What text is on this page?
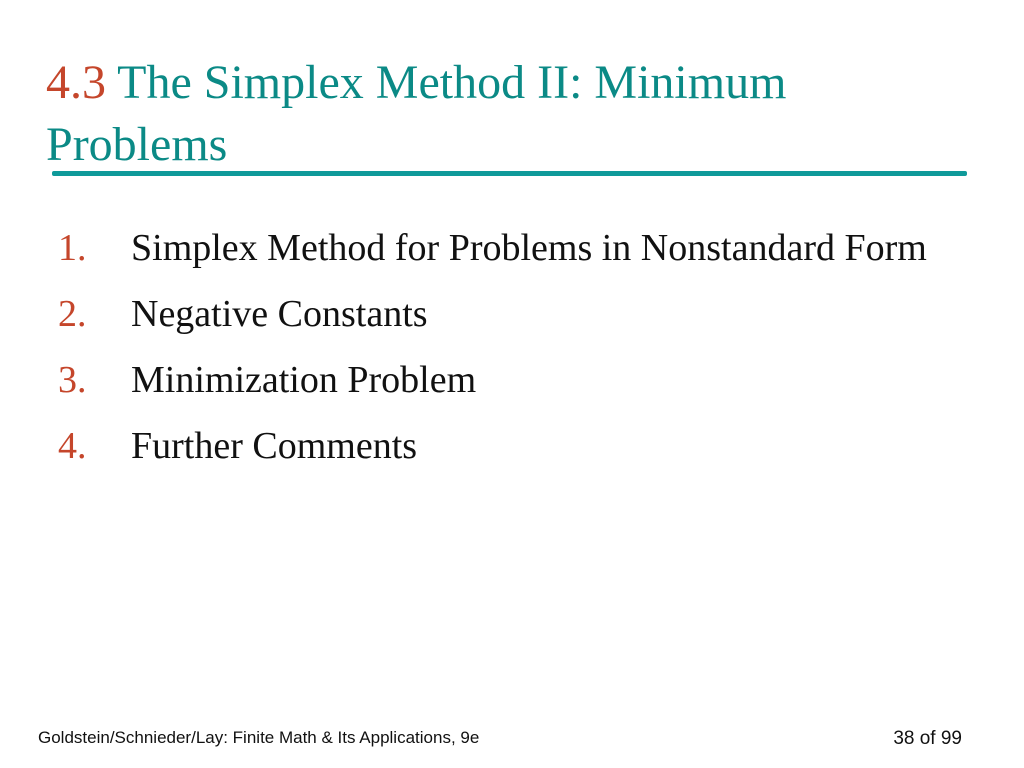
4.3 The Simplex Method II: Minimum Problems
1. Simplex Method for Problems in Nonstandard Form
2. Negative Constants
3. Minimization Problem
4. Further Comments
Goldstein/Schnieder/Lay: Finite Math & Its Applications, 9e	38 of 99
